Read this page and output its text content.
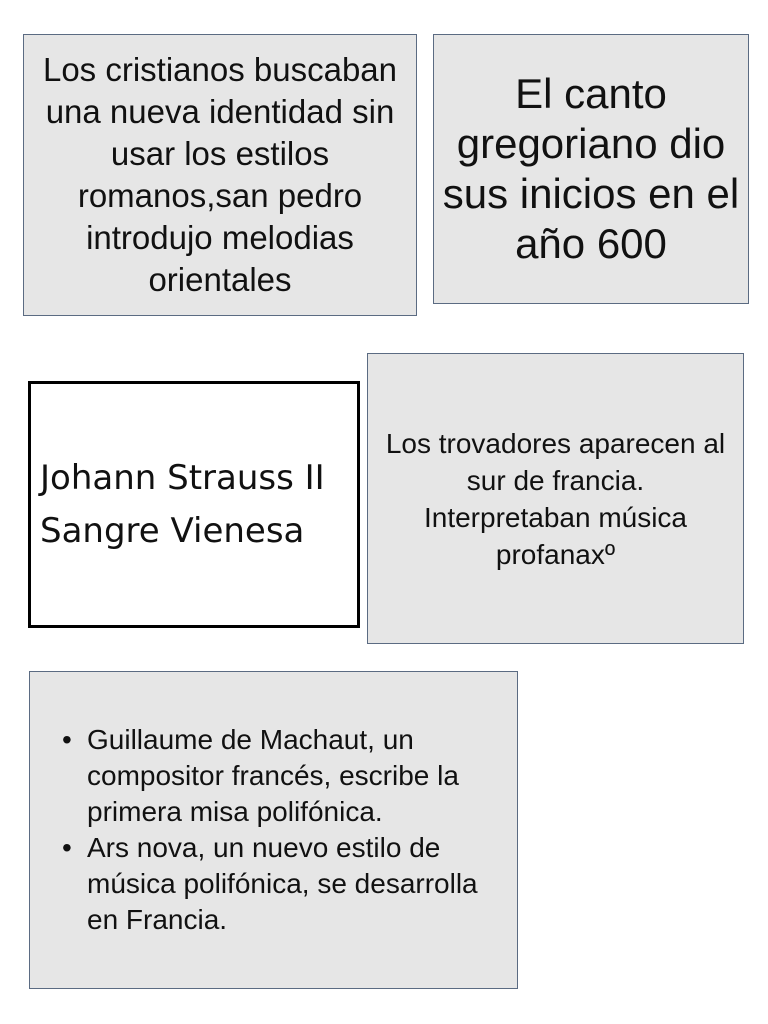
Los cristianos buscaban una nueva identidad sin usar los estilos romanos,san pedro introdujo melodias orientales
El canto gregoriano dio sus inicios en el año 600
Johann Strauss II
Sangre Vienesa
Los trovadores aparecen al sur de francia. Interpretaban música profanaxº
• Guillaume de Machaut, un compositor francés, escribe la primera misa polifónica.
• Ars nova, un nuevo estilo de música polifónica, se desarrolla en Francia.
